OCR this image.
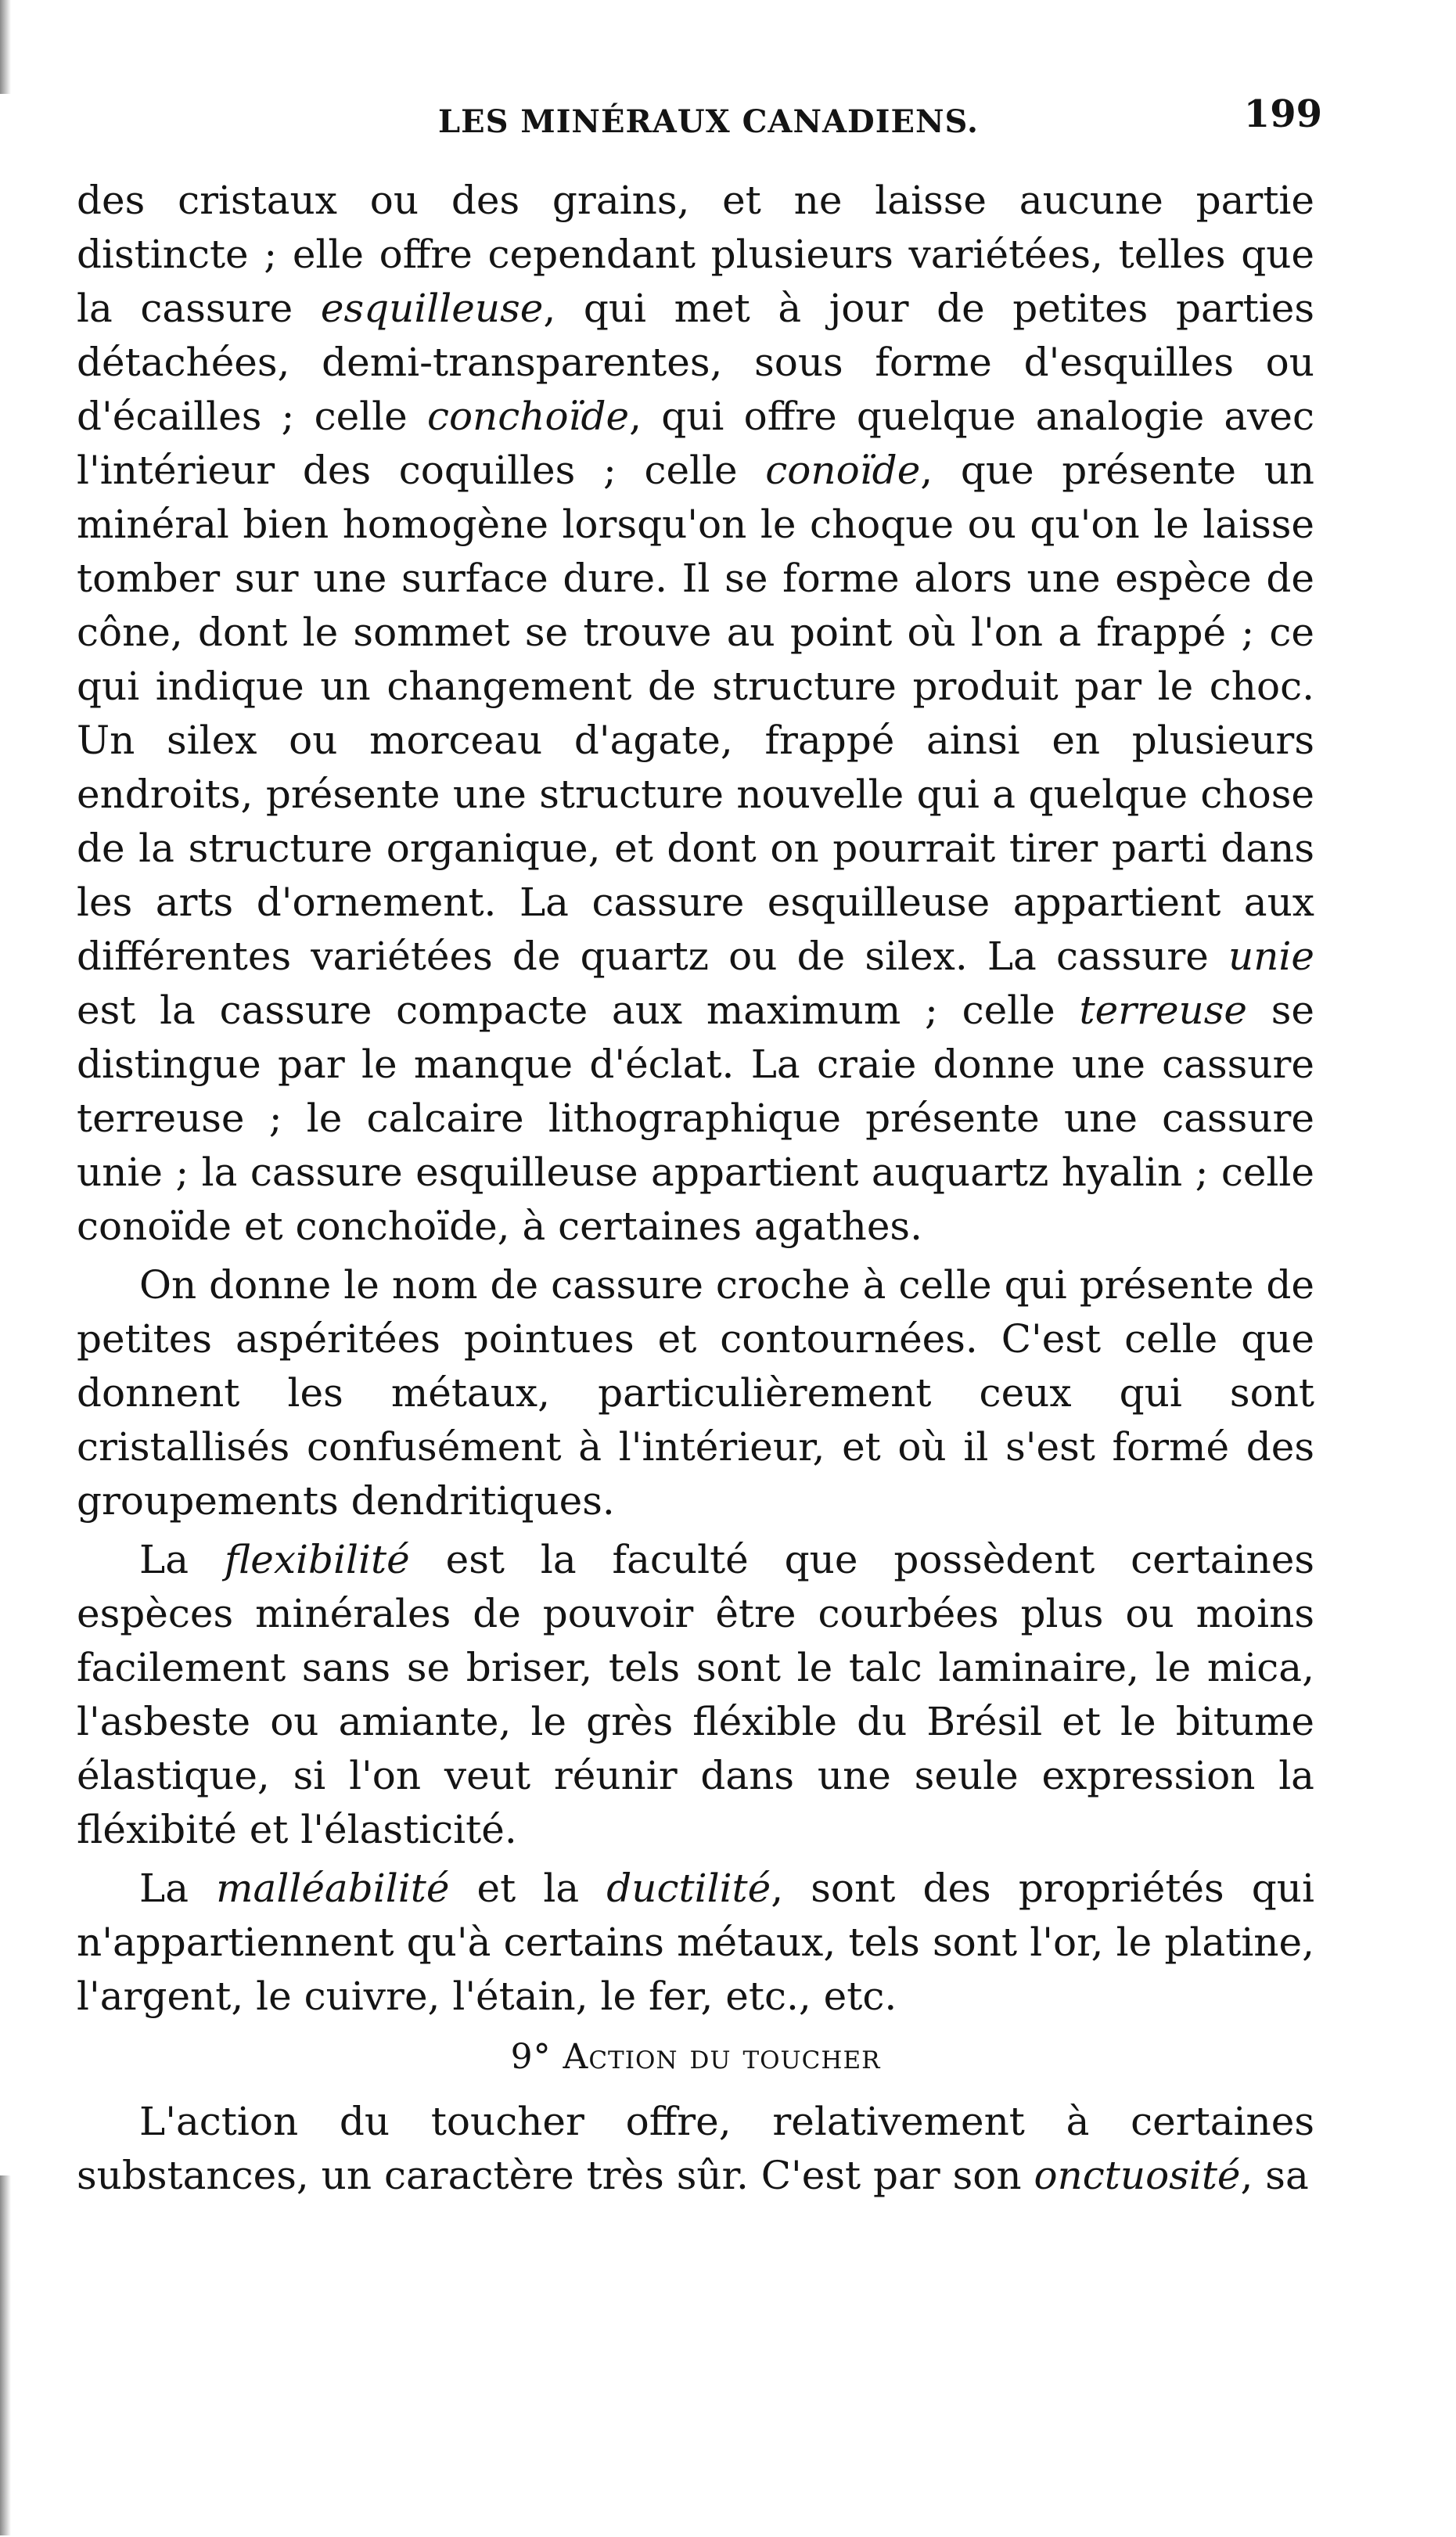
LES MINÉRAUX CANADIENS.	199

des cristaux ou des grains, et ne laisse aucune partie distincte ; elle offre cependant plusieurs variétées, telles que la cassure esquilleuse, qui met à jour de petites parties détachées, demi-transparentes, sous forme d'esquilles ou d'écailles ; celle conchoïde, qui offre quelque analogie avec l'intérieur des coquilles ; celle conoïde, que présente un minéral bien homogène lorsqu'on le choque ou qu'on le laisse tomber sur une surface dure. Il se forme alors une espèce de cône, dont le sommet se trouve au point où l'on a frappé ; ce qui indique un changement de structure produit par le choc. Un silex ou morceau d'agate, frappé ainsi en plusieurs endroits, présente une structure nouvelle qui a quelque chose de la structure organique, et dont on pourrait tirer parti dans les arts d'ornement. La cassure esquilleuse appartient aux différentes variétées de quartz ou de silex. La cassure unie est la cassure compacte aux maximum ; celle terreuse se distingue par le manque d'éclat. La craie donne une cassure terreuse ; le calcaire lithographique présente une cassure unie ; la cassure esquilleuse appartient auquartz hyalin ; celle conoïde et conchoïde, à certaines agathes.

On donne le nom de cassure croche à celle qui présente de petites aspéritées pointues et contournées. C'est celle que donnent les métaux, particulièrement ceux qui sont cristallisés confusément à l'intérieur, et où il s'est formé des groupements dendritiques.

La flexibilité est la faculté que possèdent certaines espèces minérales de pouvoir être courbées plus ou moins facilement sans se briser, tels sont le talc laminaire, le mica, l'asbeste ou amiante, le grès fléxible du Brésil et le bitume élastique, si l'on veut réunir dans une seule expression la fléxibité et l'élasticité.

La malléabilité et la ductilité, sont des propriétés qui n'appartiennent qu'à certains métaux, tels sont l'or, le platine, l'argent, le cuivre, l'étain, le fer, etc., etc.

9° Action du toucher

L'action du toucher offre, relativement à certaines substances, un caractère très sûr. C'est par son onctuosité, sa
